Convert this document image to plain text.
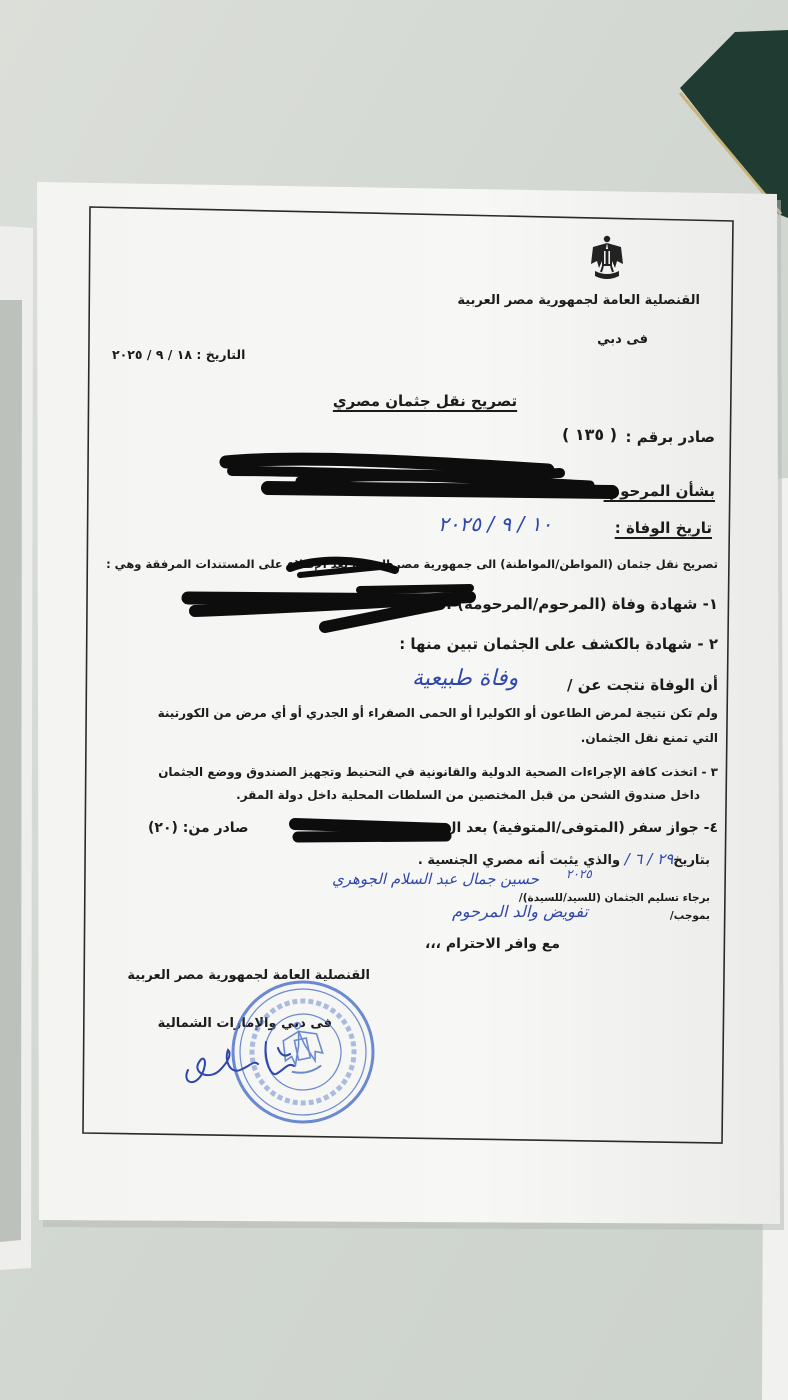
القنصلية العامة لجمهورية مصر العربية
فى دبي
التاريخ : ١٨ / ٩ / ٢٠٢٥
تصريح نقل جثمان مصري
صادر برقم :
( ١٣٥ )
بشأن المرحوم/
تاريخ الوفاة :
١٠ / ٩ / ٢٠٢٥
تصريح نقل جثمان (المواطن/المواطنة) الى جمهورية مصر العربية بعد الإطلاع على المستندات المرفقة وهي :
١- شهادة وفاة (المرحوم/المرحومة) :
٢ - شهادة بالكشف على الجثمان تبين منها :
أن الوفاة نتجت عن /
وفاة طبيعية
ولم تكن نتيجة لمرض الطاعون أو الكوليرا أو الحمى الصفراء أو الجدري أو أي مرض من الكورتينة
التي تمنع نقل الجثمان.
٣ - اتخذت كافة الإجراءات الصحية الدولية والقانونية في التحنيط وتجهيز الصندوق ووضع الجثمان
داخل صندوق الشحن من قبل المختصين من السلطات المحلية داخل دولة المقر.
٤- جواز سفر (المتوفى/المتوفية) بعد ال
صادر من: (٢٠)
بتاريخ٢٩ / ٦ / والذي يثبت أنه مصري الجنسية .
٢٠٢٥
حسين جمال عبد السلام الجوهري
برجاء تسليم الجثمان (للسيد/للسيدة)/
بموجب/
تفويض والد المرحوم
مع وافر الاحترام ،،،
القنصلية العامة لجمهورية مصر العربية
فى دبي والإمارات الشمالية
